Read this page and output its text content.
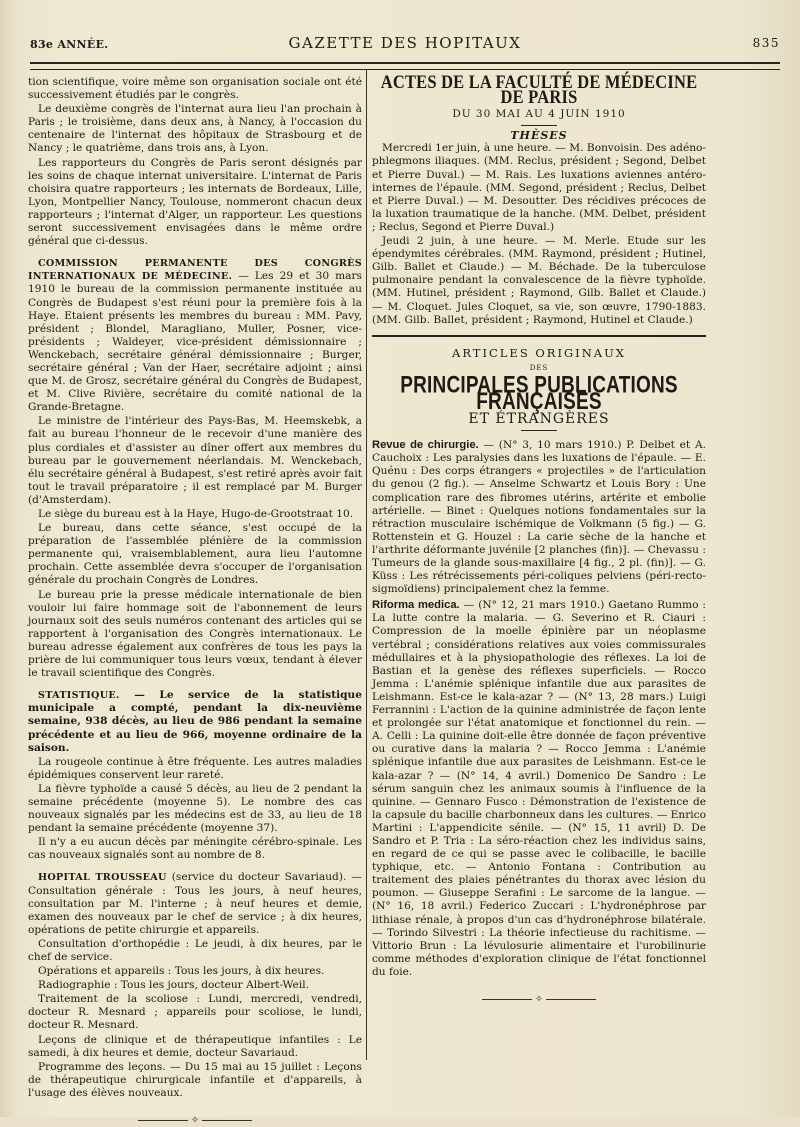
83e ANNÉE.	GAZETTE DES HOPITAUX	835

tion scientifique, voire même son organisation sociale ont été successivement étudiés par le congrès.

Le deuxième congrès de l'internat aura lieu l'an prochain à Paris ; le troisième, dans deux ans, à Nancy, à l'occasion du centenaire de l'internat des hôpitaux de Strasbourg et de Nancy ; le quatrième, dans trois ans, à Lyon.

Les rapporteurs du Congrès de Paris seront désignés par les soins de chaque internat universitaire. L'internat de Paris choisira quatre rapporteurs ; les internats de Bordeaux, Lille, Lyon, Montpellier Nancy, Toulouse, nommeront chacun deux rapporteurs ; l'internat d'Alger, un rapporteur. Les questions seront successivement envisagées dans le même ordre général que ci-dessus.

COMMISSION PERMANENTE DES CONGRÈS INTERNATIONAUX DE MÉDECINE. — Les 29 et 30 mars 1910 le bureau de la commission permanente instituée au Congrès de Budapest s'est réuni pour la première fois à la Haye. Etaient présents les membres du bureau : MM. Pavy, président ; Blondel, Maragliano, Muller, Posner, vice-présidents ; Waldeyer, vice-président démissionnaire ; Wenckebach, secrétaire général démissionnaire ; Burger, secrétaire général ; Van der Haer, secrétaire adjoint ; ainsi que M. de Grosz, secrétaire général du Congrès de Budapest, et M. Clive Rivière, secrétaire du comité national de la Grande-Bretagne.

Le ministre de l'intérieur des Pays-Bas, M. Heemskebk, a fait au bureau l'honneur de le recevoir d'une manière des plus cordiales et d'assister au dîner offert aux membres du bureau par le gouvernement néerlandais. M. Wenckebach, élu secrétaire général à Budapest, s'est retiré après avoir fait tout le travail préparatoire ; il est remplacé par M. Burger (d'Amsterdam).

Le siège du bureau est à la Haye, Hugo-de-Grootstraat 10.

Le bureau, dans cette séance, s'est occupé de la préparation de l'assemblée plénière de la commission permanente qui, vraisemblablement, aura lieu l'automne prochain. Cette assemblée devra s'occuper de l'organisation générale du prochain Congrès de Londres.

Le bureau prie la presse médicale internationale de bien vouloir lui faire hommage soit de l'abonnement de leurs journaux soit des seuls numéros contenant des articles qui se rapportent à l'organisation des Congrès internationaux. Le bureau adresse également aux confrères de tous les pays la prière de lui communiquer tous leurs vœux, tendant à élever le travail scientifique des Congrès.

STATISTIQUE. — Le service de la statistique municipale a compté, pendant la dix-neuvième semaine, 938 décès, au lieu de 986 pendant la semaine précédente et au lieu de 966, moyenne ordinaire de la saison.

La rougeole continue à être fréquente. Les autres maladies épidémiques conservent leur rareté.

La fièvre typhoïde a causé 5 décès, au lieu de 2 pendant la semaine précédente (moyenne 5). Le nombre des cas nouveaux signalés par les médecins est de 33, au lieu de 18 pendant la semaine précédente (moyenne 37).

Il n'y a eu aucun décès par méningite cérébro-spinale. Les cas nouveaux signalés sont au nombre de 8.

HOPITAL TROUSSEAU (service du docteur Savariaud). — Consultation générale : Tous les jours, à neuf heures, consultation par M. l'interne ; à neuf heures et demie, examen des nouveaux par le chef de service ; à dix heures, opérations de petite chirurgie et appareils.

Consultation d'orthopédie : Le jeudi, à dix heures, par le chef de service.

Opérations et appareils : Tous les jours, à dix heures.

Radiographie : Tous les jours, docteur Albert-Weil.

Traitement de la scoliose : Lundi, mercredi, vendredi, docteur R. Mesnard ; appareils pour scoliose, le lundi, docteur R. Mesnard.

Leçons de clinique et de thérapeutique infantiles : Le samedi, à dix heures et demie, docteur Savariaud.

Programme des leçons. — Du 15 mai au 15 juillet : Leçons de thérapeutique chirurgicale infantile et d'appareils, à l'usage des élèves nouveaux.

✧
ACTES DE LA FACULTÉ DE MÉDECINE DE PARIS
DU 30 MAI AU 4 JUIN 1910
THÈSES

Mercredi 1er juin, à une heure. — M. Bonvoisin. Des adéno-phlegmons iliaques. (MM. Reclus, président ; Segond, Delbet et Pierre Duval.) — M. Rais. Les luxations aviennes antéro-internes de l'épaule. (MM. Segond, président ; Reclus, Delbet et Pierre Duval.) — M. Desoutter. Des récidives précoces de la luxation traumatique de la hanche. (MM. Delbet, président ; Reclus, Segond et Pierre Duval.)

Jeudi 2 juin, à une heure. — M. Merle. Etude sur les épendymites cérébrales. (MM. Raymond, président ; Hutinel, Gilb. Ballet et Claude.) — M. Béchade. De la tuberculose pulmonaire pendant la convalescence de la fièvre typhoïde. (MM. Hutinel, président ; Raymond, Gilb. Ballet et Claude.) — M. Cloquet. Jules Cloquet, sa vie, son œuvre, 1790-1883. (MM. Gilb. Ballet, président ; Raymond, Hutinel et Claude.)

ARTICLES ORIGINAUX
DES
PRINCIPALES PUBLICATIONS FRANÇAISES
ET ÉTRANGÈRES

Revue de chirurgie. — (N° 3, 10 mars 1910.) P. Delbet et A. Cauchoix : Les paralysies dans les luxations de l'épaule. — E. Quénu : Des corps étrangers « projectiles » de l'articulation du genou (2 fig.). — Anselme Schwartz et Louis Bory : Une complication rare des fibromes utérins, artérite et embolie artérielle. — Binet : Quelques notions fondamentales sur la rétraction musculaire ischémique de Volkmann (5 fig.) — G. Rottenstein et G. Houzel : La carie sèche de la hanche et l'arthrite déformante juvénile [2 planches (fin)]. — Chevassu : Tumeurs de la glande sous-maxillaire [4 fig., 2 pl. (fin)]. — G. Küss : Les rétrécissements péri-coliques pelviens (péri-recto-sigmoïdiens) principalement chez la femme.

Riforma medica. — (N° 12, 21 mars 1910.) Gaetano Rummo : La lutte contre la malaria. — G. Severino et R. Ciauri : Compression de la moelle épinière par un néoplasme vertébral ; considérations relatives aux voies commissurales médullaires et à la physiopathologie des réflexes. La loi de Bastian et la genèse des réflexes superficiels. — Rocco Jemma : L'anémie splénique infantile due aux parasites de Leishmann. Est-ce le kala-azar ? — (N° 13, 28 mars.) Luigi Ferrannini : L'action de la quinine administrée de façon lente et prolongée sur l'état anatomique et fonctionnel du rein. — A. Celli : La quinine doit-elle être donnée de façon préventive ou curative dans la malaria ? — Rocco Jemma : L'anémie splénique infantile due aux parasites de Leishmann. Est-ce le kala-azar ? — (N° 14, 4 avril.) Domenico De Sandro : Le sérum sanguin chez les animaux soumis à l'influence de la quinine. — Gennaro Fusco : Démonstration de l'existence de la capsule du bacille charbonneux dans les cultures. — Enrico Martini : L'appendicite sénile. — (N° 15, 11 avril) D. De Sandro et P. Tria : La séro-réaction chez les individus sains, en regard de ce qui se passe avec le colibacille, le bacille typhique, etc. — Antonio Fontana : Contribution au traitement des plaies pénétrantes du thorax avec lésion du poumon. — Giuseppe Serafini : Le sarcome de la langue. — (N° 16, 18 avril.) Federico Zuccari : L'hydronéphrose par lithiase rénale, à propos d'un cas d'hydronéphrose bilatérale. — Torindo Silvestri : La théorie infectieuse du rachitisme. — Vittorio Brun : La lévulosurie alimentaire et l'urobilinurie comme méthodes d'exploration clinique de l'état fonctionnel du foie.

✧
